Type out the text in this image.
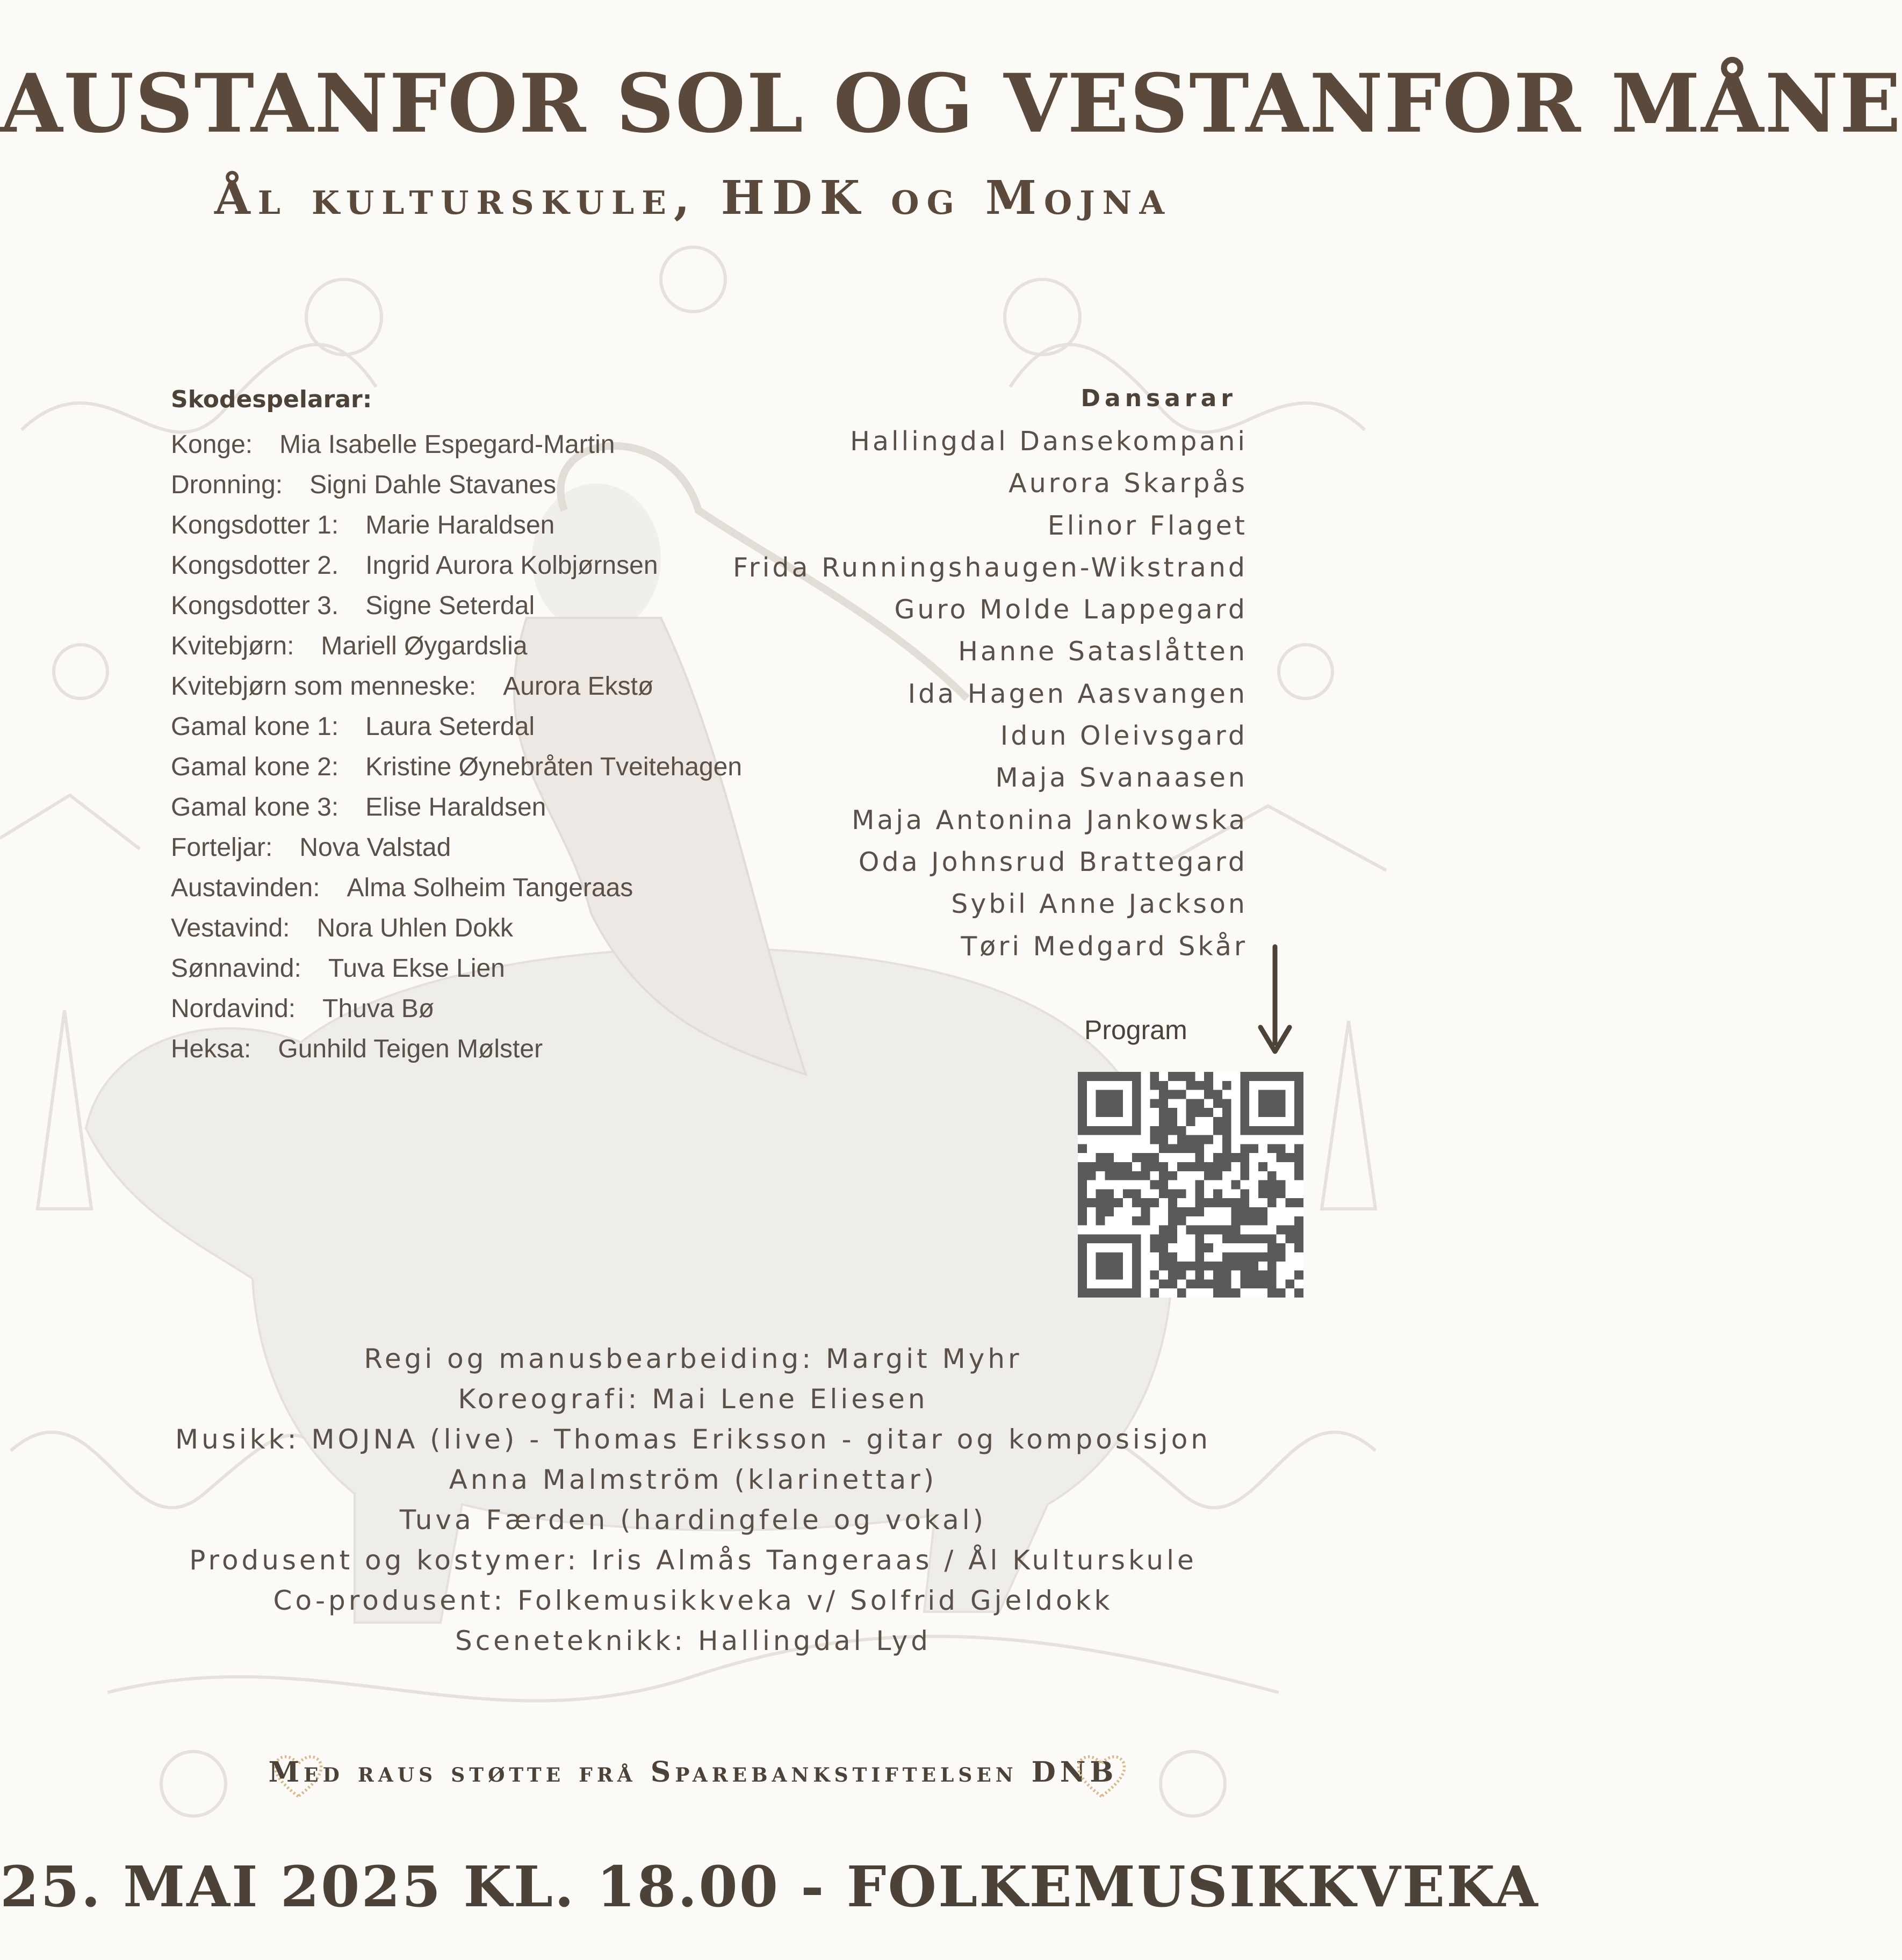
AUSTANFOR SOL OG VESTANFOR MÅNE
Ål kulturskule, HDK og Mojna
Skodespelarar:
Konge: Mia Isabelle Espegard-Martin
Dronning: Signi Dahle Stavanes
Kongsdotter 1: Marie Haraldsen
Kongsdotter 2. Ingrid Aurora Kolbjørnsen
Kongsdotter 3. Signe Seterdal
Kvitebjørn: Mariell Øygardslia
Kvitebjørn som menneske: Aurora Ekstø
Gamal kone 1: Laura Seterdal
Gamal kone 2: Kristine Øynebråten Tveitehagen
Gamal kone 3: Elise Haraldsen
Forteljar: Nova Valstad
Austavinden: Alma Solheim Tangeraas
Vestavind: Nora Uhlen Dokk
Sønnavind: Tuva Ekse Lien
Nordavind: Thuva Bø
Heksa: Gunhild Teigen Mølster
Dansarar
Hallingdal Dansekompani
Aurora Skarpås
Elinor Flaget
Frida Runningshaugen-Wikstrand
Guro Molde Lappegard
Hanne Sataslåtten
Ida Hagen Aasvangen
Idun Oleivsgard
Maja Svanaasen
Maja Antonina Jankowska
Oda Johnsrud Brattegard
Sybil Anne Jackson
Tøri Medgard Skår
Program
Regi og manusbearbeiding: Margit Myhr
Koreografi: Mai Lene Eliesen
Musikk: MOJNA (live) - Thomas Eriksson - gitar og komposisjon
Anna Malmström (klarinettar)
Tuva Færden (hardingfele og vokal)
Produsent og kostymer: Iris Almås Tangeraas / Ål Kulturskule
Co-produsent: Folkemusikkveka v/ Solfrid Gjeldokk
Sceneteknikk: Hallingdal Lyd
Med raus støtte frå Sparebankstiftelsen DNB
25. MAI 2025 KL. 18.00 - FOLKEMUSIKKVEKA
